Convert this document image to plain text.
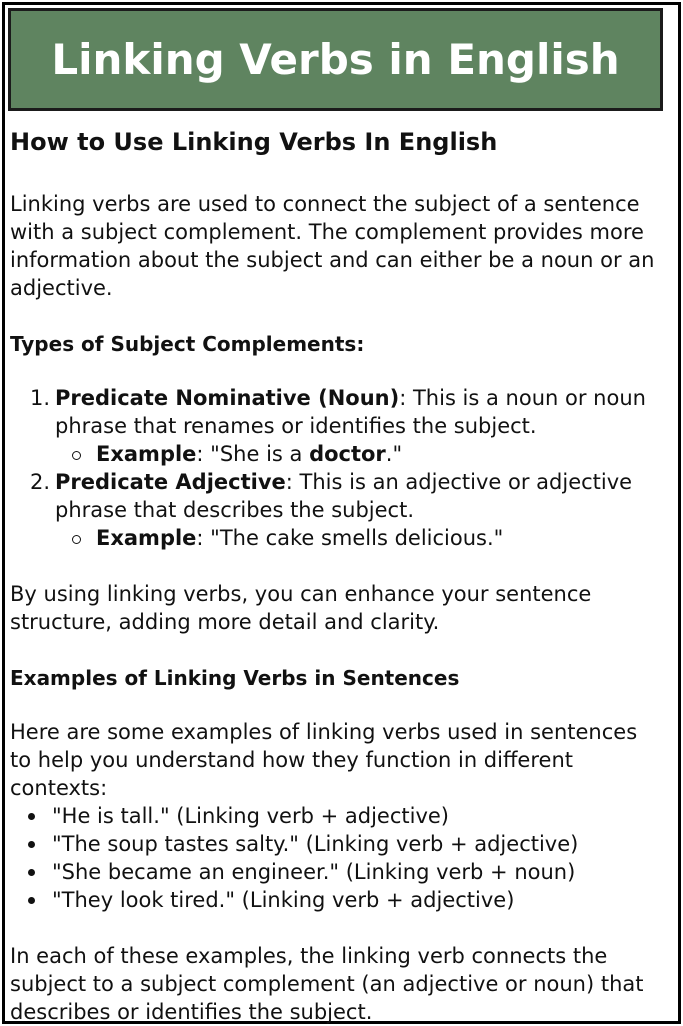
Linking Verbs in English
How to Use Linking Verbs In English

Linking verbs are used to connect the subject of a sentence with a subject complement. The complement provides more information about the subject and can either be a noun or an adjective.

Types of Subject Complements:
1. Predicate Nominative (Noun): This is a noun or noun phrase that renames or identifies the subject.
Example: "She is a doctor."
2. Predicate Adjective: This is an adjective or adjective phrase that describes the subject.
Example: "The cake smells delicious."

By using linking verbs, you can enhance your sentence structure, adding more detail and clarity.

Examples of Linking Verbs in Sentences

Here are some examples of linking verbs used in sentences to help you understand how they function in different contexts:

"He is tall." (Linking verb + adjective)
"The soup tastes salty." (Linking verb + adjective)
"She became an engineer." (Linking verb + noun)
"They look tired." (Linking verb + adjective)

In each of these examples, the linking verb connects the subject to a subject complement (an adjective or noun) that describes or identifies the subject.
